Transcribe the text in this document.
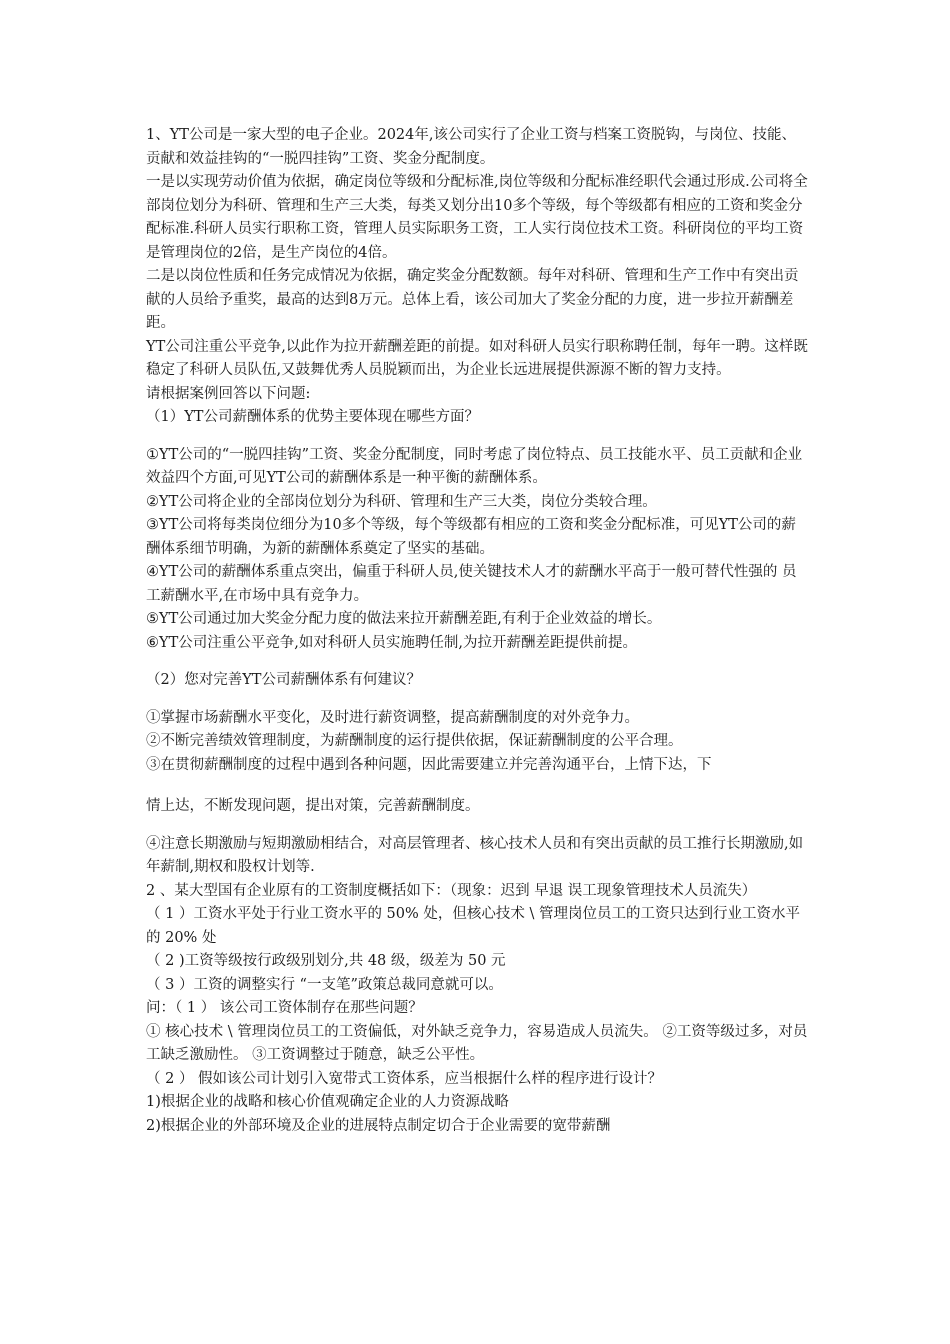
1、YT公司是一家大型的电子企业。2024年,该公司实行了企业工资与档案工资脱钩，与岗位、技能、贡献和效益挂钩的“一脱四挂钩”工资、奖金分配制度。

一是以实现劳动价值为依据，确定岗位等级和分配标准,岗位等级和分配标准经职代会通过形成.公司将全部岗位划分为科研、管理和生产三大类，每类又划分出10多个等级，每个等级都有相应的工资和奖金分配标准.科研人员实行职称工资，管理人员实际职务工资，工人实行岗位技术工资。科研岗位的平均工资是管理岗位的2倍，是生产岗位的4倍。

二是以岗位性质和任务完成情况为依据，确定奖金分配数额。每年对科研、管理和生产工作中有突出贡献的人员给予重奖，最高的达到8万元。总体上看，该公司加大了奖金分配的力度，进一步拉开薪酬差距。

YT公司注重公平竞争,以此作为拉开薪酬差距的前提。如对科研人员实行职称聘任制，每年一聘。这样既稳定了科研人员队伍,又鼓舞优秀人员脱颖而出，为企业长远进展提供源源不断的智力支持。

请根据案例回答以下问题:

（1）YT公司薪酬体系的优势主要体现在哪些方面？

①YT公司的“一脱四挂钩”工资、奖金分配制度，同时考虑了岗位特点、员工技能水平、员工贡献和企业效益四个方面,可见YT公司的薪酬体系是一种平衡的薪酬体系。

②YT公司将企业的全部岗位划分为科研、管理和生产三大类，岗位分类较合理。

③YT公司将每类岗位细分为10多个等级，每个等级都有相应的工资和奖金分配标准，可见YT公司的薪酬体系细节明确，为新的薪酬体系奠定了坚实的基础。

④YT公司的薪酬体系重点突出，偏重于科研人员,使关键技术人才的薪酬水平高于一般可替代性强的 员工薪酬水平,在市场中具有竞争力。

⑤YT公司通过加大奖金分配力度的做法来拉开薪酬差距,有利于企业效益的增长。

⑥YT公司注重公平竞争,如对科研人员实施聘任制,为拉开薪酬差距提供前提。

（2）您对完善YT公司薪酬体系有何建议？

①掌握市场薪酬水平变化，及时进行薪资调整，提高薪酬制度的对外竞争力。

②不断完善绩效管理制度，为薪酬制度的运行提供依据，保证薪酬制度的公平合理。

③在贯彻薪酬制度的过程中遇到各种问题，因此需要建立并完善沟通平台，上情下达，下

情上达，不断发现问题，提出对策，完善薪酬制度。

④注意长期激励与短期激励相结合，对高层管理者、核心技术人员和有突出贡献的员工推行长期激励,如年薪制,期权和股权计划等.

2 、某大型国有企业原有的工资制度概括如下：（现象：迟到 早退 误工现象管理技术人员流失）

（ 1 ）工资水平处于行业工资水平的 50% 处，但核心技术 \ 管理岗位员工的工资只达到行业工资水平的 20% 处

（ 2 )工资等级按行政级别划分,共 48 级，级差为 50 元

（ 3 ）工资的调整实行 “一支笔”政策总裁同意就可以。

问：（ 1 ） 该公司工资体制存在那些问题？

① 核心技术 \ 管理岗位员工的工资偏低，对外缺乏竞争力，容易造成人员流失。 ②工资等级过多，对员工缺乏激励性。 ③工资调整过于随意，缺乏公平性。

（ 2 ） 假如该公司计划引入宽带式工资体系，应当根据什么样的程序进行设计？

1)根据企业的战略和核心价值观确定企业的人力资源战略

2)根据企业的外部环境及企业的进展特点制定切合于企业需要的宽带薪酬
